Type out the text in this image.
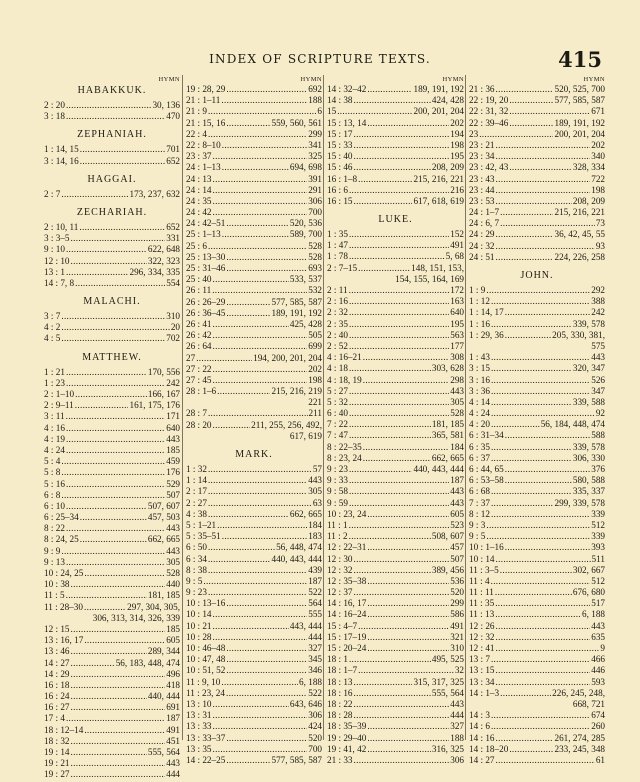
INDEX OF SCRIPTURE TEXTS.	415
HYMN
HABAKKUK.
2 : 20 .....	30, 136
3 : 18 .....	470
ZEPHANIAH.
1 : 14, 15 .....	701
3 : 14, 16 .....	652
HAGGAI.
2 : 7 .....	173, 237, 632
ZECHARIAH.
2 : 10, 11 .....	652
3 : 3–5 .....	331
9 : 10 .....	622, 648
12 : 10 .....	322, 323
13 : 1 .....	296, 334, 335
14 : 7, 8 .....	554
MALACHI.
3 : 7 .....	310
4 : 2 .....	20
4 : 5 .....	702
MATTHEW.
1 : 21 .....	170, 556
1 : 23 .....	242
2 : 1–10 .....	166, 167
2 : 9–11 .....	161, 175, 176
3 : 11 .....	171
4 : 16 .....	640
4 : 19 .....	443
4 : 24 .....	185
5 : 4 .....	459
5 : 8 .....	176
5 : 16 .....	529
6 : 8 .....	507
6 : 10 .....	507, 607
6 : 25–34 .....	457, 503
8 : 22 .....	443
8 : 24, 25 .....	662, 665
9 : 9 .....	443
9 : 13 .....	305
10 : 24, 25 .....	528
10 : 38 .....	440
11 : 5 .....	181, 185
11 : 28–30 .....	297, 304, 305,
306, 313, 314, 326, 339
12 : 15 .....	185
13 : 16, 17 .....	605
13 : 46 .....	289, 344
14 : 27 .....	56, 183, 448, 474
14 : 29 .....	496
16 : 18 .....	418
16 : 24 .....	440, 444
16 : 27 .....	691
17 : 4 .....	187
18 : 12–14 .....	491
18 : 32 .....	451
19 : 14 .....	555, 564
19 : 21 .....	443
19 : 27 .....	444
HYMN
19 : 28, 29 .....	692
21 : 1–11 .....	188
21 : 9 .....	6
21 : 15, 16 .....	559, 560, 561
22 : 4 .....	299
22 : 8–10 .....	341
23 : 37 .....	325
24 : 1–13 .....	694, 698
24 : 13 .....	391
24 : 14 .....	291
24 : 35 .....	306
24 : 42 .....	700
24 : 42–51 .....	520, 536
25 : 1–13 .....	589, 700
25 : 6 .....	528
25 : 13–30 .....	528
25 : 31–46 .....	693
25 : 40 .....	533, 537
26 : 11 .....	532
26 : 26–29 .....	577, 585, 587
26 : 36–45 .....	189, 191, 192
26 : 41 .....	425, 428
26 : 42 .....	505
26 : 64 .....	699
27 .....	194, 200, 201, 204
27 : 22 .....	202
27 : 45 .....	198
28 : 1–6 .....	215, 216, 219
221
28 : 7 .....	211
28 : 20 .....	211, 255, 256, 492,
617, 619
MARK.
1 : 32 .....	57
1 : 14 .....	443
2 : 17 .....	305
2 : 27 .....	63
4 : 38 .....	662, 665
5 : 1–21 .....	184
5 : 35–51 .....	183
6 : 50 .....	56, 448, 474
6 : 34 .....	440, 443, 444
8 : 38 .....	439
9 : 5 .....	187
9 : 23 .....	522
10 : 13–16 .....	564
10 : 14 .....	555
10 : 21 .....	443, 444
10 : 28 .....	444
10 : 46–48 .....	327
10 : 47, 48 .....	345
10 : 51, 52 .....	346
11 : 9, 10 .....	6, 188
11 : 23, 24 .....	522
13 : 10 .....	643, 646
13 : 31 .....	306
13 : 33 .....	424
13 : 33–37 .....	520
13 : 35 .....	700
14 : 22–25 .....	577, 585, 587
HYMN
14 : 32–42 .....	189, 191, 192
14 : 38 .....	424, 428
15 .....	200, 201, 204
15 : 13, 14 .....	202
15 : 17 .....	194
15 : 33 .....	198
15 : 40 .....	195
15 : 46 .....	208, 209
16 : 1–8 .....	215, 216, 221
16 : 6 .....	216
16 : 15 .....	617, 618, 619
LUKE.
1 : 35 .....	152
1 : 47 .....	491
1 : 78 .....	5, 68
2 : 7–15 .....	148, 151, 153,
154, 155, 164, 169
2 : 11 .....	172
2 : 16 .....	163
2 : 32 .....	640
2 : 35 .....	195
2 : 40 .....	563
2 : 52 .....	177
4 : 16–21 .....	308
4 : 18 .....	303, 628
4 : 18, 19 .....	298
5 : 27 .....	443
5 : 32 .....	305
6 : 40 .....	528
7 : 22 .....	181, 185
7 : 47 .....	365, 581
8 : 22–35 .....	184
8 : 23, 24 .....	662, 665
9 : 23 .....	440, 443, 444
9 : 33 .....	187
9 : 58 .....	443
9 : 59 .....	443
10 : 23, 24 .....	605
11 : 1 .....	523
11 : 2 .....	508, 607
12 : 22–31 .....	457
12 : 30 .....	507
12 : 32 .....	389, 456
12 : 35–38 .....	536
12 : 37 .....	520
14 : 16, 17 .....	299
14 : 16–24 .....	586
15 : 4–7 .....	491
15 : 17–19 .....	321
15 : 20–24 .....	310
18 : 1 .....	495, 525
18 : 1–7 .....	32
18 : 13 .....	315, 317, 325
18 : 16 .....	555, 564
18 : 22 .....	443
18 : 28 .....	444
18 : 35–39 .....	327
19 : 29–40 .....	188
19 : 41, 42 .....	316, 325
21 : 33 .....	306
HYMN
21 : 36 .....	520, 525, 700
22 : 19, 20 .....	577, 585, 587
22 : 31, 32 .....	671
22 : 39–46 .....	189, 191, 192
23 .....	200, 201, 204
23 : 21 .....	202
23 : 34 .....	340
23 : 42, 43 .....	328, 334
23 : 43 .....	722
23 : 44 .....	198
23 : 53 .....	208, 209
24 : 1–7 .....	215, 216, 221
24 : 6, 7 .....	73
24 : 29 .....	36, 42, 45, 55
24 : 32 .....	93
24 : 51 .....	224, 226, 258
JOHN.
1 : 9 .....	292
1 : 12 .....	388
1 : 14, 17 .....	242
1 : 16 .....	339, 578
1 : 29, 36 .....	205, 330, 381,
575
1 : 43 .....	443
3 : 15 .....	320, 347
3 : 16 .....	526
3 : 36 .....	347
4 : 14 .....	339, 588
4 : 24 .....	92
4 : 20 .....	56, 184, 448, 474
6 : 31–34 .....	588
6 : 35 .....	339, 578
6 : 37 .....	306, 330
6 : 44, 65 .....	376
6 : 53–58 .....	580, 588
6 : 68 .....	335, 337
7 : 37 .....	299, 339, 578
8 : 12 .....	339
9 : 3 .....	512
9 : 5 .....	339
10 : 1–16 .....	393
10 : 14 .....	511
11 : 3–5 .....	302, 667
11 : 4 .....	512
11 : 11 .....	676, 680
11 : 35 .....	517
11 : 13 .....	6, 188
12 : 26 .....	443
12 : 32 .....	635
12 : 41 .....	9
13 : 7 .....	466
13 : 15 .....	446
13 : 34 .....	593
14 : 1–3 .....	226, 245, 248,
668, 721
14 : 3 .....	674
14 : 6 .....	260
14 : 16 .....	261, 274, 285
14 : 18–20 .....	233, 245, 348
14 : 27 .....	61
